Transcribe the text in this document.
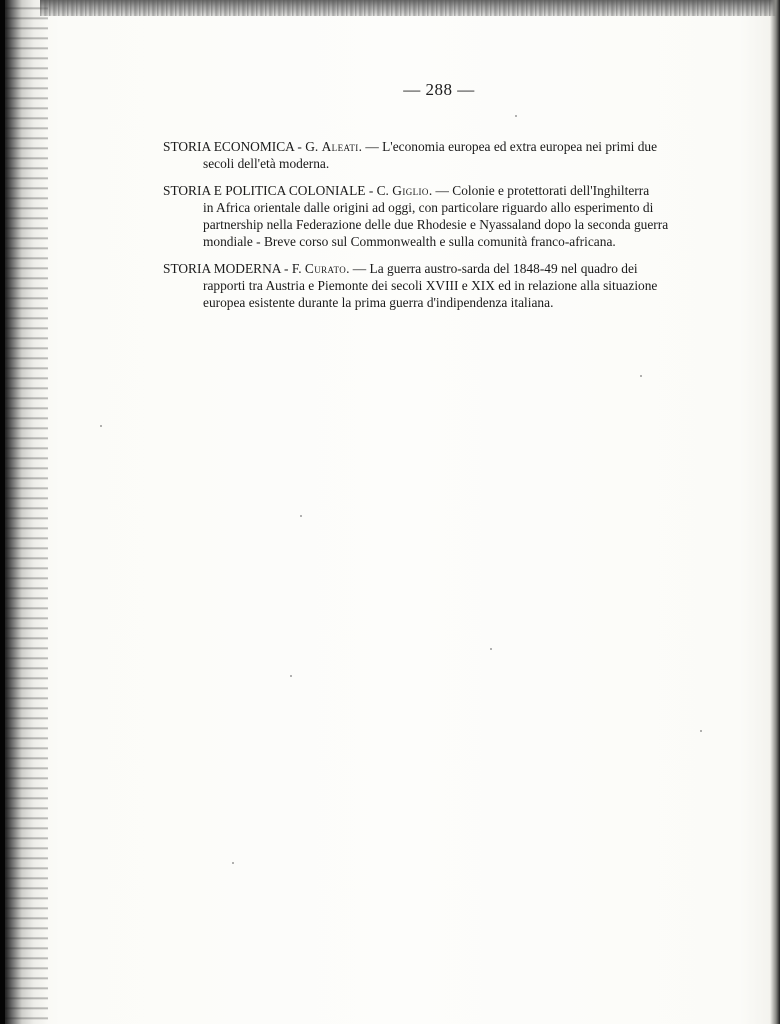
— 288 —

STORIA ECONOMICA - G. Aleati. — L'economia europea ed extra europea nei primi due
secoli dell'età moderna.

STORIA E POLITICA COLONIALE - C. Giglio. — Colonie e protettorati dell'Inghilterra
in Africa orientale dalle origini ad oggi, con particolare riguardo allo esperimento di
partnership nella Federazione delle due Rhodesie e Nyassaland dopo la seconda guerra
mondiale - Breve corso sul Commonwealth e sulla comunità franco-africana.

STORIA MODERNA - F. Curato. — La guerra austro-sarda del 1848-49 nel quadro dei
rapporti tra Austria e Piemonte dei secoli XVIII e XIX ed in relazione alla situazione
europea esistente durante la prima guerra d'indipendenza italiana.
